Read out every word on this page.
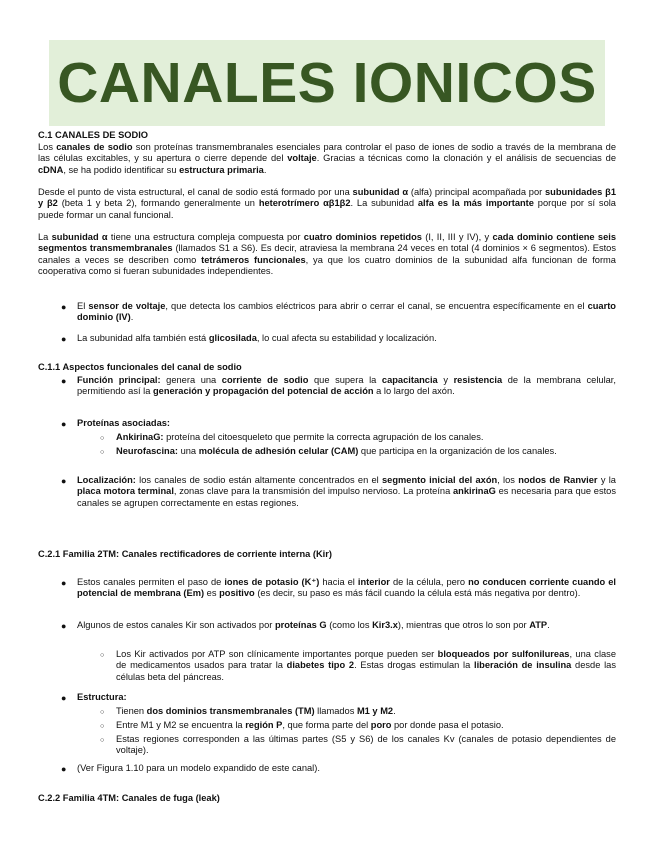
CANALES IONICOS
C.1 CANALES DE SODIO

Los canales de sodio son proteínas transmembranales esenciales para controlar el paso de iones de sodio a través de la membrana de las células excitables, y su apertura o cierre depende del voltaje. Gracias a técnicas como la clonación y el análisis de secuencias de cDNA, se ha podido identificar su estructura primaria.

Desde el punto de vista estructural, el canal de sodio está formado por una subunidad α (alfa) principal acompañada por subunidades β1 y β2 (beta 1 y beta 2), formando generalmente un heterotrímero αβ1β2. La subunidad alfa es la más importante porque por sí sola puede formar un canal funcional.

La subunidad α tiene una estructura compleja compuesta por cuatro dominios repetidos (I, II, III y IV), y cada dominio contiene seis segmentos transmembranales (llamados S1 a S6). Es decir, atraviesa la membrana 24 veces en total (4 dominios × 6 segmentos). Estos canales a veces se describen como tetrámeros funcionales, ya que los cuatro dominios de la subunidad alfa funcionan de forma cooperativa como si fueran subunidades independientes.

● El sensor de voltaje, que detecta los cambios eléctricos para abrir o cerrar el canal, se encuentra específicamente en el cuarto dominio (IV).

● La subunidad alfa también está glicosilada, lo cual afecta su estabilidad y localización.

C.1.1 Aspectos funcionales del canal de sodio
● Función principal: genera una corriente de sodio que supera la capacitancia y resistencia de la membrana celular, permitiendo así la generación y propagación del potencial de acción a lo largo del axón.

● Proteínas asociadas:

○ AnkirinaG: proteína del citoesqueleto que permite la correcta agrupación de los canales.

○ Neurofascina: una molécula de adhesión celular (CAM) que participa en la organización de los canales.

● Localización: los canales de sodio están altamente concentrados en el segmento inicial del axón, los nodos de Ranvier y la placa motora terminal, zonas clave para la transmisión del impulso nervioso. La proteína ankirinaG es necesaria para que estos canales se agrupen correctamente en estas regiones.

C.2.1 Familia 2TM: Canales rectificadores de corriente interna (Kir)
● Estos canales permiten el paso de iones de potasio (K⁺) hacia el interior de la célula, pero no conducen corriente cuando el potencial de membrana (Em) es positivo (es decir, su paso es más fácil cuando la célula está más negativa por dentro).

● Algunos de estos canales Kir son activados por proteínas G (como los Kir3.x), mientras que otros lo son por ATP.

○ Los Kir activados por ATP son clínicamente importantes porque pueden ser bloqueados por sulfonilureas, una clase de medicamentos usados para tratar la diabetes tipo 2. Estas drogas estimulan la liberación de insulina desde las células beta del páncreas.

● Estructura:

○ Tienen dos dominios transmembranales (TM) llamados M1 y M2.

○ Entre M1 y M2 se encuentra la región P, que forma parte del poro por donde pasa el potasio.

○ Estas regiones corresponden a las últimas partes (S5 y S6) de los canales Kv (canales de potasio dependientes de voltaje).

● (Ver Figura 1.10 para un modelo expandido de este canal).

C.2.2 Familia 4TM: Canales de fuga (leak)
